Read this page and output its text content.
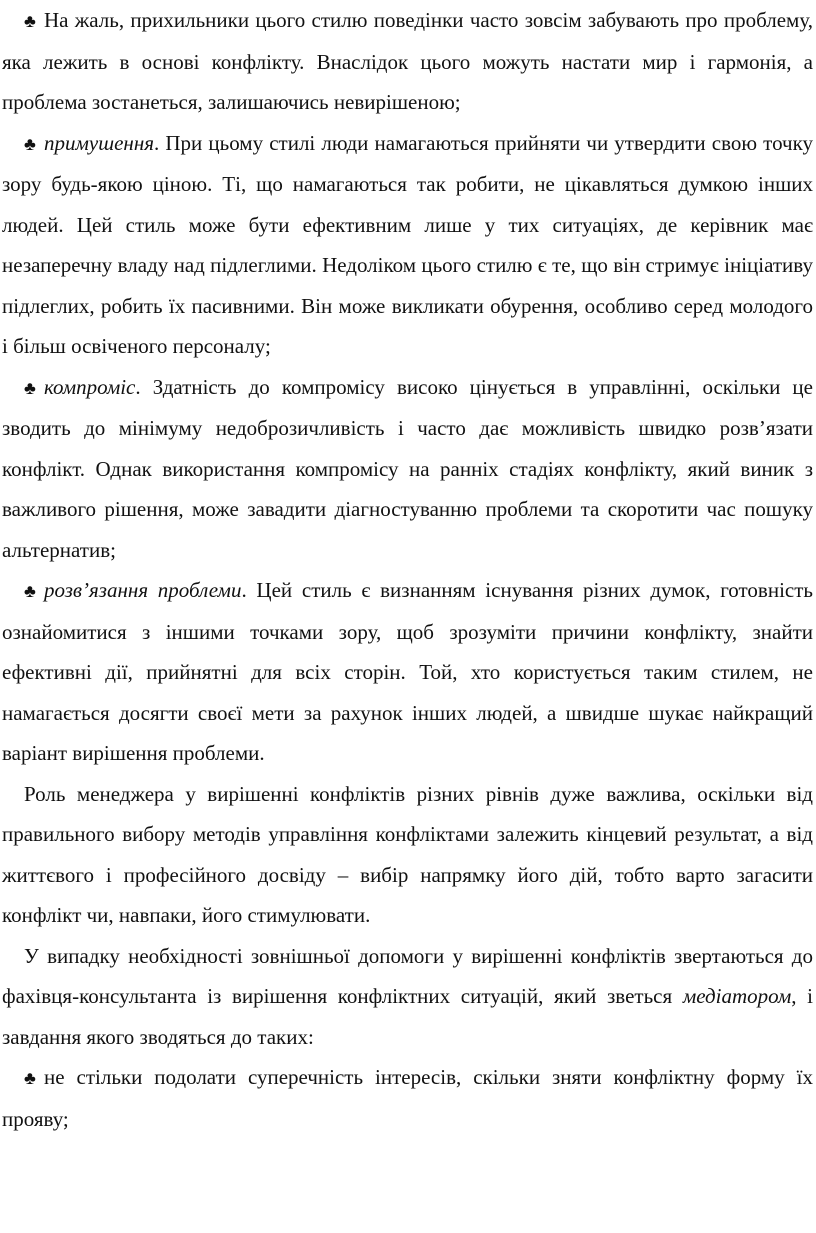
♣ На жаль, прихильники цього стилю поведінки часто зовсім забувають про проблему, яка лежить в основі конфлікту. Внаслідок цього можуть настати мир і гармонія, а проблема зостанеться, залишаючись невирішеною;

♣ примушення. При цьому стилі люди намагаються прийняти чи утвердити свою точку зору будь-якою ціною. Ті, що намагаються так робити, не цікавляться думкою інших людей. Цей стиль може бути ефективним лише у тих ситуаціях, де керівник має незаперечну владу над підлеглими. Недоліком цього стилю є те, що він стримує ініціативу підлеглих, робить їх пасивними. Він може викликати обурення, особливо серед молодого і більш освіченого персоналу;

♣ компроміс. Здатність до компромісу високо цінується в управлінні, оскільки це зводить до мінімуму недоброзичливість і часто дає можливість швидко розв’язати конфлікт. Однак використання компромісу на ранніх стадіях конфлікту, який виник з важливого рішення, може завадити діагностуванню проблеми та скоротити час пошуку альтернатив;

♣ розв’язання проблеми. Цей стиль є визнанням існування різних думок, готовність ознайомитися з іншими точками зору, щоб зрозуміти причини конфлікту, знайти ефективні дії, прийнятні для всіх сторін. Той, хто користується таким стилем, не намагається досягти своєї мети за рахунок інших людей, а швидше шукає найкращий варіант вирішення проблеми.

Роль менеджера у вирішенні конфліктів різних рівнів дуже важлива, оскільки від правильного вибору методів управління конфліктами залежить кінцевий результат, а від життєвого і професійного досвіду – вибір напрямку його дій, тобто варто загасити конфлікт чи, навпаки, його стимулювати.

У випадку необхідності зовнішньої допомоги у вирішенні конфліктів звертаються до фахівця-консультанта із вирішення конфліктних ситуацій, який зветься медіатором, і завдання якого зводяться до таких:

♣ не стільки подолати суперечність інтересів, скільки зняти конфліктну форму їх прояву;
